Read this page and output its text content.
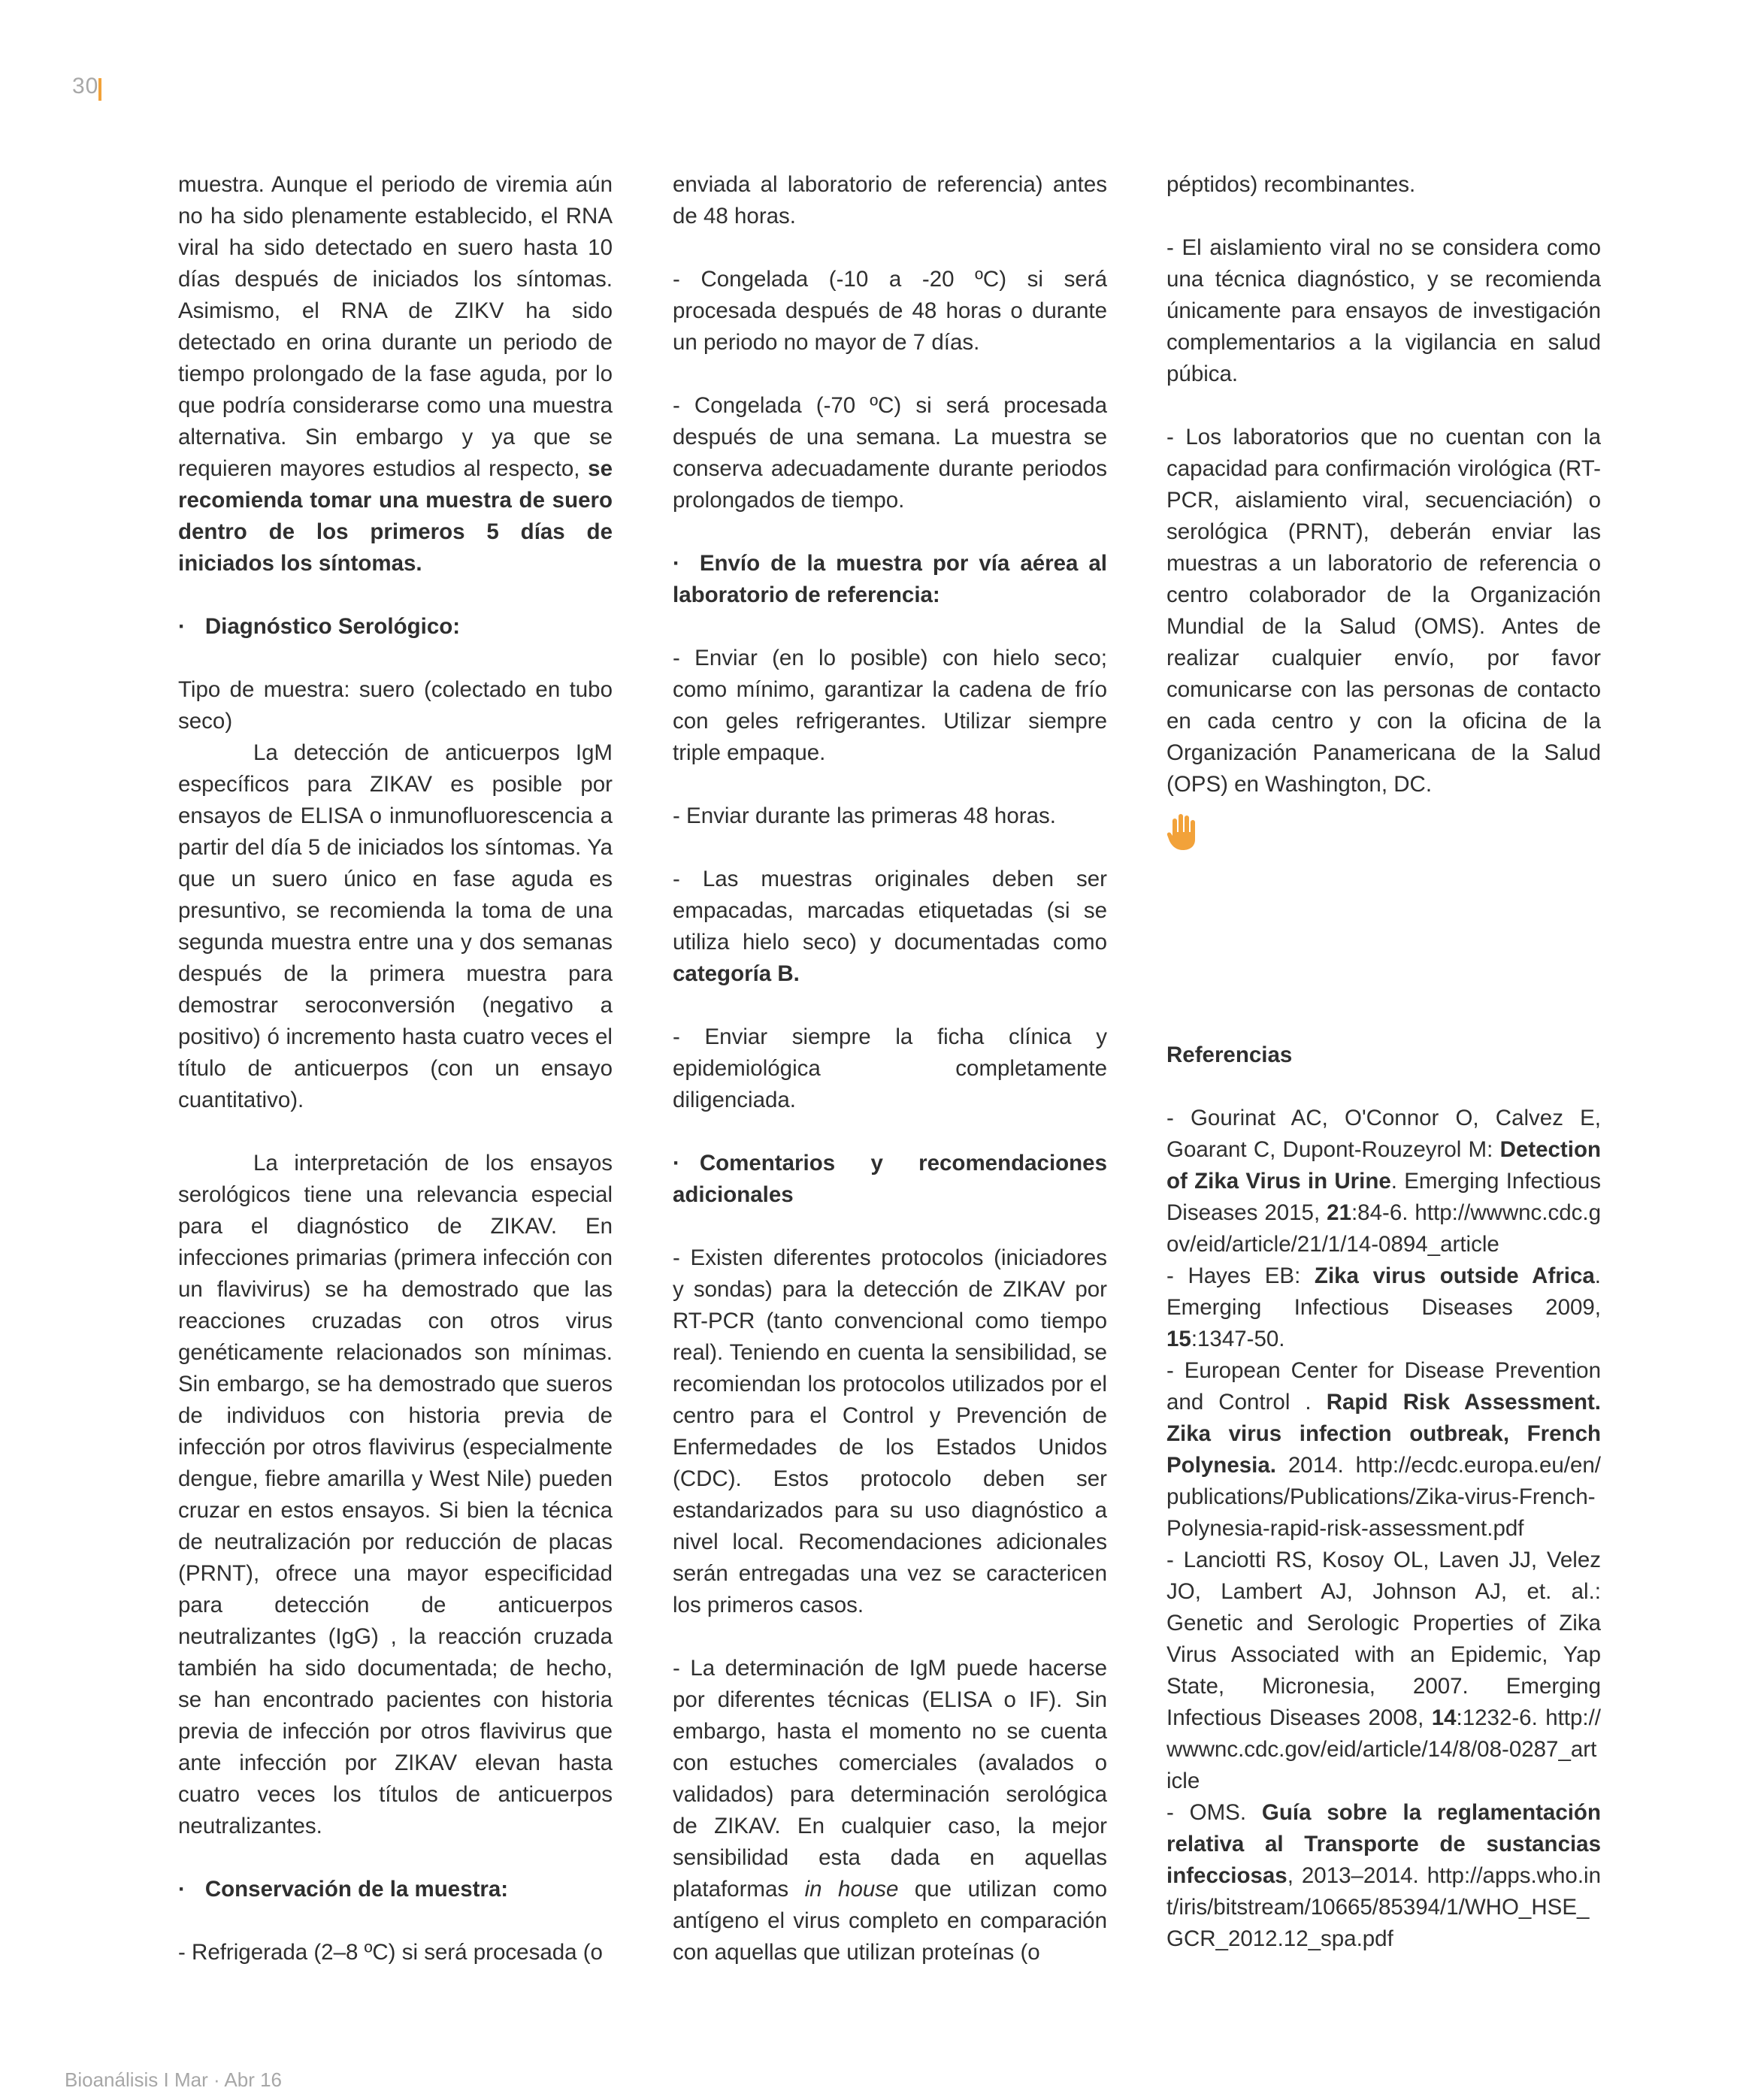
30

muestra. Aunque el periodo de viremia aún no ha sido plenamente establecido, el RNA viral ha sido detectado en suero hasta 10 días después de iniciados los síntomas. Asimismo, el RNA de ZIKV ha sido detectado en orina durante un periodo de tiempo prolongado de la fase aguda, por lo que podría considerarse como una muestra alternativa. Sin embargo y ya que se requieren mayores estudios al respecto, se recomienda tomar una muestra de suero dentro de los primeros 5 días de iniciados los síntomas.

· Diagnóstico Serológico:

Tipo de muestra: suero (colectado en tubo seco)

La detección de anticuerpos IgM específicos para ZIKAV es posible por ensayos de ELISA o inmunofluorescencia a partir del día 5 de iniciados los síntomas. Ya que un suero único en fase aguda es presuntivo, se recomienda la toma de una segunda muestra entre una y dos semanas después de la primera muestra para demostrar seroconversión (negativo a positivo) ó incremento hasta cuatro veces el título de anticuerpos (con un ensayo cuantitativo).

La interpretación de los ensayos serológicos tiene una relevancia especial para el diagnóstico de ZIKAV. En infecciones primarias (primera infección con un flavivirus) se ha demostrado que las reacciones cruzadas con otros virus genéticamente relacionados son mínimas. Sin embargo, se ha demostrado que sueros de individuos con historia previa de infección por otros flavivirus (especialmente dengue, fiebre amarilla y West Nile) pueden cruzar en estos ensayos. Si bien la técnica de neutralización por reducción de placas (PRNT), ofrece una mayor especificidad para detección de anticuerpos neutralizantes (IgG) , la reacción cruzada también ha sido documentada; de hecho, se han encontrado pacientes con historia previa de infección por otros flavivirus que ante infección por ZIKAV elevan hasta cuatro veces los títulos de anticuerpos neutralizantes.

· Conservación de la muestra:

- Refrigerada (2–8 ºC) si será procesada (o

enviada al laboratorio de referencia) antes de 48 horas.

- Congelada (-10 a -20 ºC) si será procesada después de 48 horas o durante un periodo no mayor de 7 días.

- Congelada (-70 ºC) si será procesada después de una semana. La muestra se conserva adecuadamente durante periodos prolongados de tiempo.

· Envío de la muestra por vía aérea al laboratorio de referencia:

- Enviar (en lo posible) con hielo seco; como mínimo, garantizar la cadena de frío con geles refrigerantes. Utilizar siempre triple empaque.

- Enviar durante las primeras 48 horas.

- Las muestras originales deben ser empacadas, marcadas etiquetadas (si se utiliza hielo seco) y documentadas como categoría B.

- Enviar siempre la ficha clínica y epidemiológica completamente diligenciada.

· Comentarios y recomendaciones adicionales

- Existen diferentes protocolos (iniciadores y sondas) para la detección de ZIKAV por RT-PCR (tanto convencional como tiempo real). Teniendo en cuenta la sensibilidad, se recomiendan los protocolos utilizados por el centro para el Control y Prevención de Enfermedades de los Estados Unidos (CDC). Estos protocolo deben ser estandarizados para su uso diagnóstico a nivel local. Recomendaciones adicionales serán entregadas una vez se caractericen los primeros casos.

- La determinación de IgM puede hacerse por diferentes técnicas (ELISA o IF). Sin embargo, hasta el momento no se cuenta con estuches comerciales (avalados o validados) para determinación serológica de ZIKAV. En cualquier caso, la mejor sensibilidad esta dada en aquellas plataformas in house que utilizan como antígeno el virus completo en comparación con aquellas que utilizan proteínas (o

péptidos) recombinantes.

- El aislamiento viral no se considera como una técnica diagnóstico, y se recomienda únicamente para ensayos de investigación complementarios a la vigilancia en salud púbica.

- Los laboratorios que no cuentan con la capacidad para confirmación virológica (RT-PCR, aislamiento viral, secuenciación) o serológica (PRNT), deberán enviar las muestras a un laboratorio de referencia o centro colaborador de la Organización Mundial de la Salud (OMS). Antes de realizar cualquier envío, por favor comunicarse con las personas de contacto en cada centro y con la oficina de la Organización Panamericana de la Salud (OPS) en Washington, DC.

Referencias

- Gourinat AC, O'Connor O, Calvez E, Goarant C, Dupont-Rouzeyrol M: Detection of Zika Virus in Urine. Emerging Infectious Diseases 2015, 21:84-6. http://wwwnc.cdc.gov/eid/article/21/1/14-0894_article

- Hayes EB: Zika virus outside Africa. Emerging Infectious Diseases 2009, 15:1347-50.

- European Center for Disease Prevention and Control . Rapid Risk Assessment. Zika virus infection outbreak, French Polynesia. 2014. http://ecdc.europa.eu/en/publications/Publications/Zika-virus-French-Polynesia-rapid-risk-assessment.pdf

- Lanciotti RS, Kosoy OL, Laven JJ, Velez JO, Lambert AJ, Johnson AJ, et. al.: Genetic and Serologic Properties of Zika Virus Associated with an Epidemic, Yap State, Micronesia, 2007. Emerging Infectious Diseases 2008, 14:1232-6. http://wwwnc.cdc.gov/eid/article/14/8/08-0287_article

- OMS. Guía sobre la reglamentación relativa al Transporte de sustancias infecciosas, 2013–2014. http://apps.who.int/iris/bitstream/10665/85394/1/WHO_HSE_GCR_2012.12_spa.pdf

Bioanálisis I Mar · Abr 16
